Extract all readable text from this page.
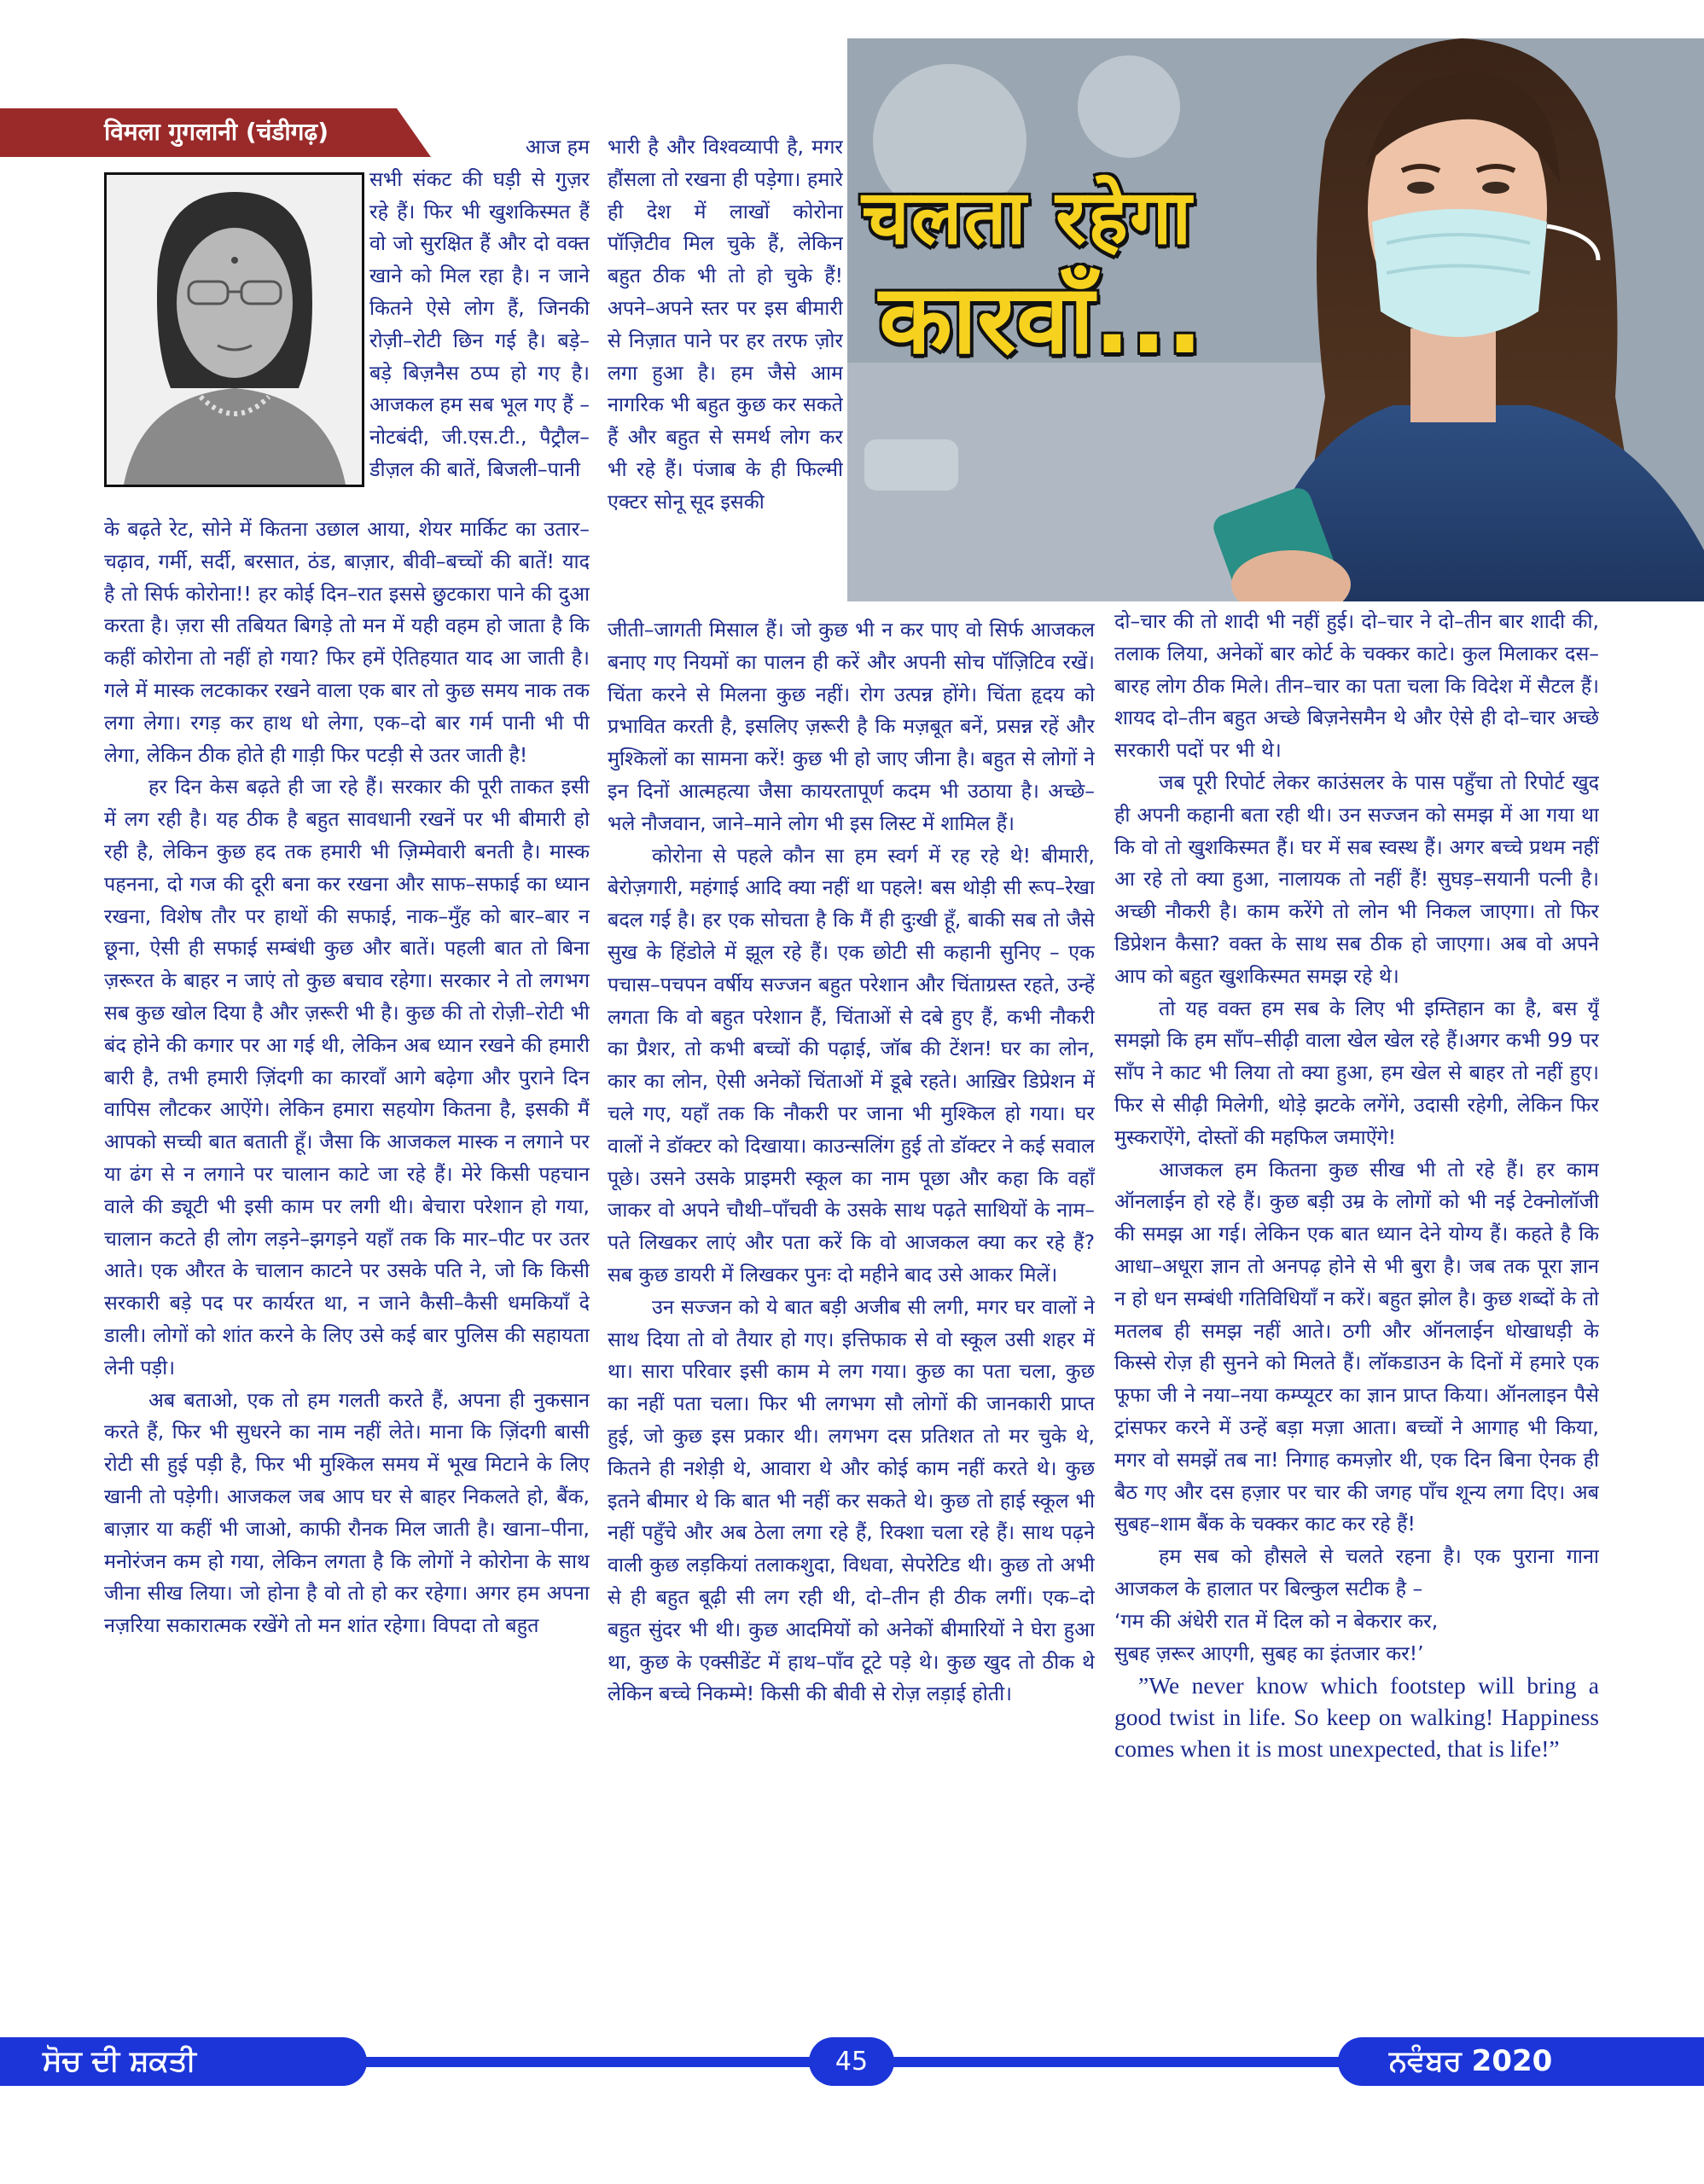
चलता रहेगा
कारवाँ...
विमला गुगलानी (चंडीगढ़)

आज हम

सभी संकट की घड़ी से गुज़र रहे हैं। फिर भी खुशकिस्मत हैं वो जो सुरक्षित हैं और दो वक्त खाने को मिल रहा है। न जाने कितने ऐसे लोग हैं, जिनकी रोज़ी–रोटी छिन गई है। बड़े–बड़े बिज़नैस ठप्प हो गए है। आजकल हम सब भूल गए हैं – नोटबंदी, जी.एस.टी., पैट्रौल–डीज़ल की बातें, बिजली–पानी

के बढ़ते रेट, सोने में कितना उछाल आया, शेयर मार्किट का उतार–चढ़ाव, गर्मी, सर्दी, बरसात, ठंड, बाज़ार, बीवी–बच्चों की बातें! याद है तो सिर्फ कोरोना!! हर कोई दिन–रात इससे छुटकारा पाने की दुआ करता है। ज़रा सी तबियत बिगड़े तो मन में यही वहम हो जाता है कि कहीं कोरोना तो नहीं हो गया? फिर हमें ऐतिहयात याद आ जाती है। गले में मास्क लटकाकर रखने वाला एक बार तो कुछ समय नाक तक लगा लेगा। रगड़ कर हाथ धो लेगा, एक–दो बार गर्म पानी भी पी लेगा, लेकिन ठीक होते ही गाड़ी फिर पटड़ी से उतर जाती है!

हर दिन केस बढ़ते ही जा रहे हैं। सरकार की पूरी ताकत इसी में लग रही है। यह ठीक है बहुत सावधानी रखनें पर भी बीमारी हो रही है, लेकिन कुछ हद तक हमारी भी ज़िम्मेवारी बनती है। मास्क पहनना, दो गज की दूरी बना कर रखना और साफ–सफाई का ध्यान रखना, विशेष तौर पर हाथों की सफाई, नाक–मुँह को बार–बार न छूना, ऐसी ही सफाई सम्बंधी कुछ और बातें। पहली बात तो बिना ज़रूरत के बाहर न जाएं तो कुछ बचाव रहेगा। सरकार ने तो लगभग सब कुछ खोल दिया है और ज़रूरी भी है। कुछ की तो रोज़ी–रोटी भी बंद होने की कगार पर आ गई थी, लेकिन अब ध्यान रखने की हमारी बारी है, तभी हमारी ज़िंदगी का कारवाँ आगे बढ़ेगा और पुराने दिन वापिस लौटकर आऐंगे। लेकिन हमारा सहयोग कितना है, इसकी मैं आपको सच्ची बात बताती हूँ। जैसा कि आजकल मास्क न लगाने पर या ढंग से न लगाने पर चालान काटे जा रहे हैं। मेरे किसी पहचान वाले की ड्यूटी भी इसी काम पर लगी थी। बेचारा परेशान हो गया, चालान कटते ही लोग लड़ने–झगड़ने यहाँ तक कि मार–पीट पर उतर आते। एक औरत के चालान काटने पर उसके पति ने, जो कि किसी सरकारी बड़े पद पर कार्यरत था, न जाने कैसी–कैसी धमकियाँ दे डाली। लोगों को शांत करने के लिए उसे कई बार पुलिस की सहायता लेनी पड़ी।

अब बताओ, एक तो हम गलती करते हैं, अपना ही नुकसान करते हैं, फिर भी सुधरने का नाम नहीं लेते। माना कि ज़िंदगी बासी रोटी सी हुई पड़ी है, फिर भी मुश्किल समय में भूख मिटाने के लिए खानी तो पड़ेगी। आजकल जब आप घर से बाहर निकलते हो, बैंक, बाज़ार या कहीं भी जाओ, काफी रौनक मिल जाती है। खाना–पीना, मनोरंजन कम हो गया, लेकिन लगता है कि लोगों ने कोरोना के साथ जीना सीख लिया। जो होना है वो तो हो कर रहेगा। अगर हम अपना नज़रिया सकारात्मक रखेंगे तो मन शांत रहेगा। विपदा तो बहुत

भारी है और विश्वव्यापी है, मगर हौंसला तो रखना ही पड़ेगा। हमारे ही देश में लाखों कोरोना पॉज़िटीव मिल चुके हैं, लेकिन बहुत ठीक भी तो हो चुके हैं! अपने–अपने स्तर पर इस बीमारी से निज़ात पाने पर हर तरफ ज़ोर लगा हुआ है। हम जैसे आम नागरिक भी बहुत कुछ कर सकते हैं और बहुत से समर्थ लोग कर भी रहे हैं। पंजाब के ही फिल्मी एक्टर सोनू सूद इसकी

जीती–जागती मिसाल हैं। जो कुछ भी न कर पाए वो सिर्फ आजकल बनाए गए नियमों का पालन ही करें और अपनी सोच पॉज़िटिव रखें। चिंता करने से मिलना कुछ नहीं। रोग उत्पन्न होंगे। चिंता हृदय को प्रभावित करती है, इसलिए ज़रूरी है कि मज़बूत बनें, प्रसन्न रहें और मुश्किलों का सामना करें! कुछ भी हो जाए जीना है। बहुत से लोगों ने इन दिनों आत्महत्या जैसा कायरतापूर्ण कदम भी उठाया है। अच्छे–भले नौजवान, जाने–माने लोग भी इस लिस्ट में शामिल हैं।

कोरोना से पहले कौन सा हम स्वर्ग में रह रहे थे! बीमारी, बेरोज़गारी, महंगाई आदि क्या नहीं था पहले! बस थोड़ी सी रूप–रेखा बदल गई है। हर एक सोचता है कि मैं ही दुःखी हूँ, बाकी सब तो जैसे सुख के हिंडोले में झूल रहे हैं। एक छोटी सी कहानी सुनिए – एक पचास–पचपन वर्षीय सज्जन बहुत परेशान और चिंताग्रस्त रहते, उन्हें लगता कि वो बहुत परेशान हैं, चिंताओं से दबे हुए हैं, कभी नौकरी का प्रैशर, तो कभी बच्चों की पढ़ाई, जॉब की टेंशन! घर का लोन, कार का लोन, ऐसी अनेकों चिंताओं में डूबे रहते। आख़िर डिप्रेशन में चले गए, यहाँ तक कि नौकरी पर जाना भी मुश्किल हो गया। घर वालों ने डॉक्टर को दिखाया। काउन्सलिंग हुई तो डॉक्टर ने कई सवाल पूछे। उसने उसके प्राइमरी स्कूल का नाम पूछा और कहा कि वहाँ जाकर वो अपने चौथी–पाँचवी के उसके साथ पढ़ते साथियों के नाम–पते लिखकर लाएं और पता करें कि वो आजकल क्या कर रहे हैं? सब कुछ डायरी में लिखकर पुनः दो महीने बाद उसे आकर मिलें।

उन सज्जन को ये बात बड़ी अजीब सी लगी, मगर घर वालों ने साथ दिया तो वो तैयार हो गए। इत्तिफाक से वो स्कूल उसी शहर में था। सारा परिवार इसी काम मे लग गया। कुछ का पता चला, कुछ का नहीं पता चला। फिर भी लगभग सौ लोगों की जानकारी प्राप्त हुई, जो कुछ इस प्रकार थी। लगभग दस प्रतिशत तो मर चुके थे, कितने ही नशेड़ी थे, आवारा थे और कोई काम नहीं करते थे। कुछ इतने बीमार थे कि बात भी नहीं कर सकते थे। कुछ तो हाई स्कूल भी नहीं पहुँचे और अब ठेला लगा रहे हैं, रिक्शा चला रहे हैं। साथ पढ़ने वाली कुछ लड़कियां तलाकशुदा, विधवा, सेपरेटिड थी। कुछ तो अभी से ही बहुत बूढ़ी सी लग रही थी, दो–तीन ही ठीक लगीं। एक–दो बहुत सुंदर भी थी। कुछ आदमियों को अनेकों बीमारियों ने घेरा हुआ था, कुछ के एक्सीडेंट में हाथ–पाँव टूटे पड़े थे। कुछ खुद तो ठीक थे लेकिन बच्चे निकम्मे! किसी की बीवी से रोज़ लड़ाई होती।

दो–चार की तो शादी भी नहीं हुई। दो–चार ने दो–तीन बार शादी की, तलाक लिया, अनेकों बार कोर्ट के चक्कर काटे। कुल मिलाकर दस–बारह लोग ठीक मिले। तीन–चार का पता चला कि विदेश में सैटल हैं। शायद दो–तीन बहुत अच्छे बिज़नेसमैन थे और ऐसे ही दो–चार अच्छे सरकारी पदों पर भी थे।

जब पूरी रिपोर्ट लेकर काउंसलर के पास पहुँचा तो रिपोर्ट खुद ही अपनी कहानी बता रही थी। उन सज्जन को समझ में आ गया था कि वो तो खुशकिस्मत हैं। घर में सब स्वस्थ हैं। अगर बच्चे प्रथम नहीं आ रहे तो क्या हुआ, नालायक तो नहीं हैं! सुघड़–सयानी पत्नी है। अच्छी नौकरी है। काम करेंगे तो लोन भी निकल जाएगा। तो फिर डिप्रेशन कैसा? वक्त के साथ सब ठीक हो जाएगा। अब वो अपने आप को बहुत खुशकिस्मत समझ रहे थे।

तो यह वक्त हम सब के लिए भी इम्तिहान का है, बस यूँ समझो कि हम साँप–सीढ़ी वाला खेल खेल रहे हैं।अगर कभी 99 पर साँप ने काट भी लिया तो क्या हुआ, हम खेल से बाहर तो नहीं हुए। फिर से सीढ़ी मिलेगी, थोड़े झटके लगेंगे, उदासी रहेगी, लेकिन फिर मुस्कराऐंगे, दोस्तों की महफिल जमाऐंगे!

आजकल हम कितना कुछ सीख भी तो रहे हैं। हर काम ऑनलाईन हो रहे हैं। कुछ बड़ी उम्र के लोगों को भी नई टेक्नोलॉजी की समझ आ गई। लेकिन एक बात ध्यान देने योग्य हैं। कहते है कि आधा–अधूरा ज्ञान तो अनपढ़ होने से भी बुरा है। जब तक पूरा ज्ञान न हो धन सम्बंधी गतिविधियाँ न करें। बहुत झोल है। कुछ शब्दों के तो मतलब ही समझ नहीं आते। ठगी और ऑनलाईन धोखाधड़ी के किस्से रोज़ ही सुनने को मिलते हैं। लॉकडाउन के दिनों में हमारे एक फूफा जी ने नया–नया कम्प्यूटर का ज्ञान प्राप्त किया। ऑनलाइन पैसे ट्रांसफर करने में उन्हें बड़ा मज़ा आता। बच्चों ने आगाह भी किया, मगर वो समझें तब ना! निगाह कमज़ोर थी, एक दिन बिना ऐनक ही बैठ गए और दस हज़ार पर चार की जगह पाँच शून्य लगा दिए। अब सुबह–शाम बैंक के चक्कर काट कर रहे हैं!

हम सब को हौसले से चलते रहना है। एक पुराना गाना आजकल के हालात पर बिल्कुल सटीक है –

‘गम की अंधेरी रात में दिल को न बेकरार कर,

सुबह ज़रूर आएगी, सुबह का इंतजार कर!’

”We never know which footstep will bring a good twist in life. So keep on walking! Happiness comes when it is most unexpected, that is life!”

ਸੋਚ ਦੀ ਸ਼ਕਤੀ	45	ਨਵੰਬਰ 2020
